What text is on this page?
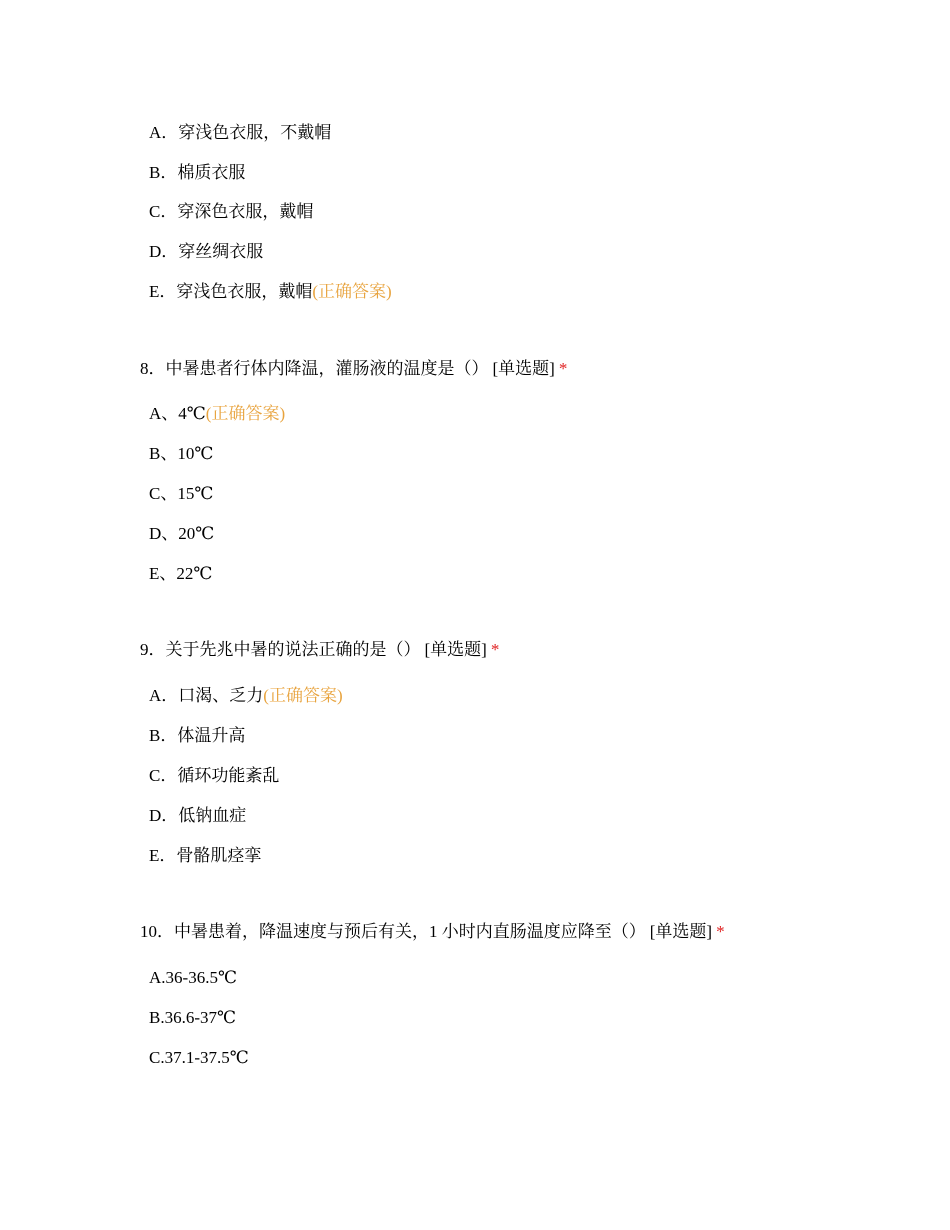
A．穿浅色衣服，不戴帽
B．棉质衣服
C．穿深色衣服，戴帽
D．穿丝绸衣服
E．穿浅色衣服，戴帽(正确答案)
8．中暑患者行体内降温，灌肠液的温度是（） [单选题] *
A、4℃(正确答案)
B、10℃
C、15℃
D、20℃
E、22℃
9．关于先兆中暑的说法正确的是（） [单选题] *
A．口渴、乏力(正确答案)
B．体温升高
C．循环功能紊乱
D．低钠血症
E．骨骼肌痉挛
10．中暑患着，降温速度与预后有关，1 小时内直肠温度应降至（） [单选题] *
A.36-36.5℃
B.36.6-37℃
C.37.1-37.5℃
